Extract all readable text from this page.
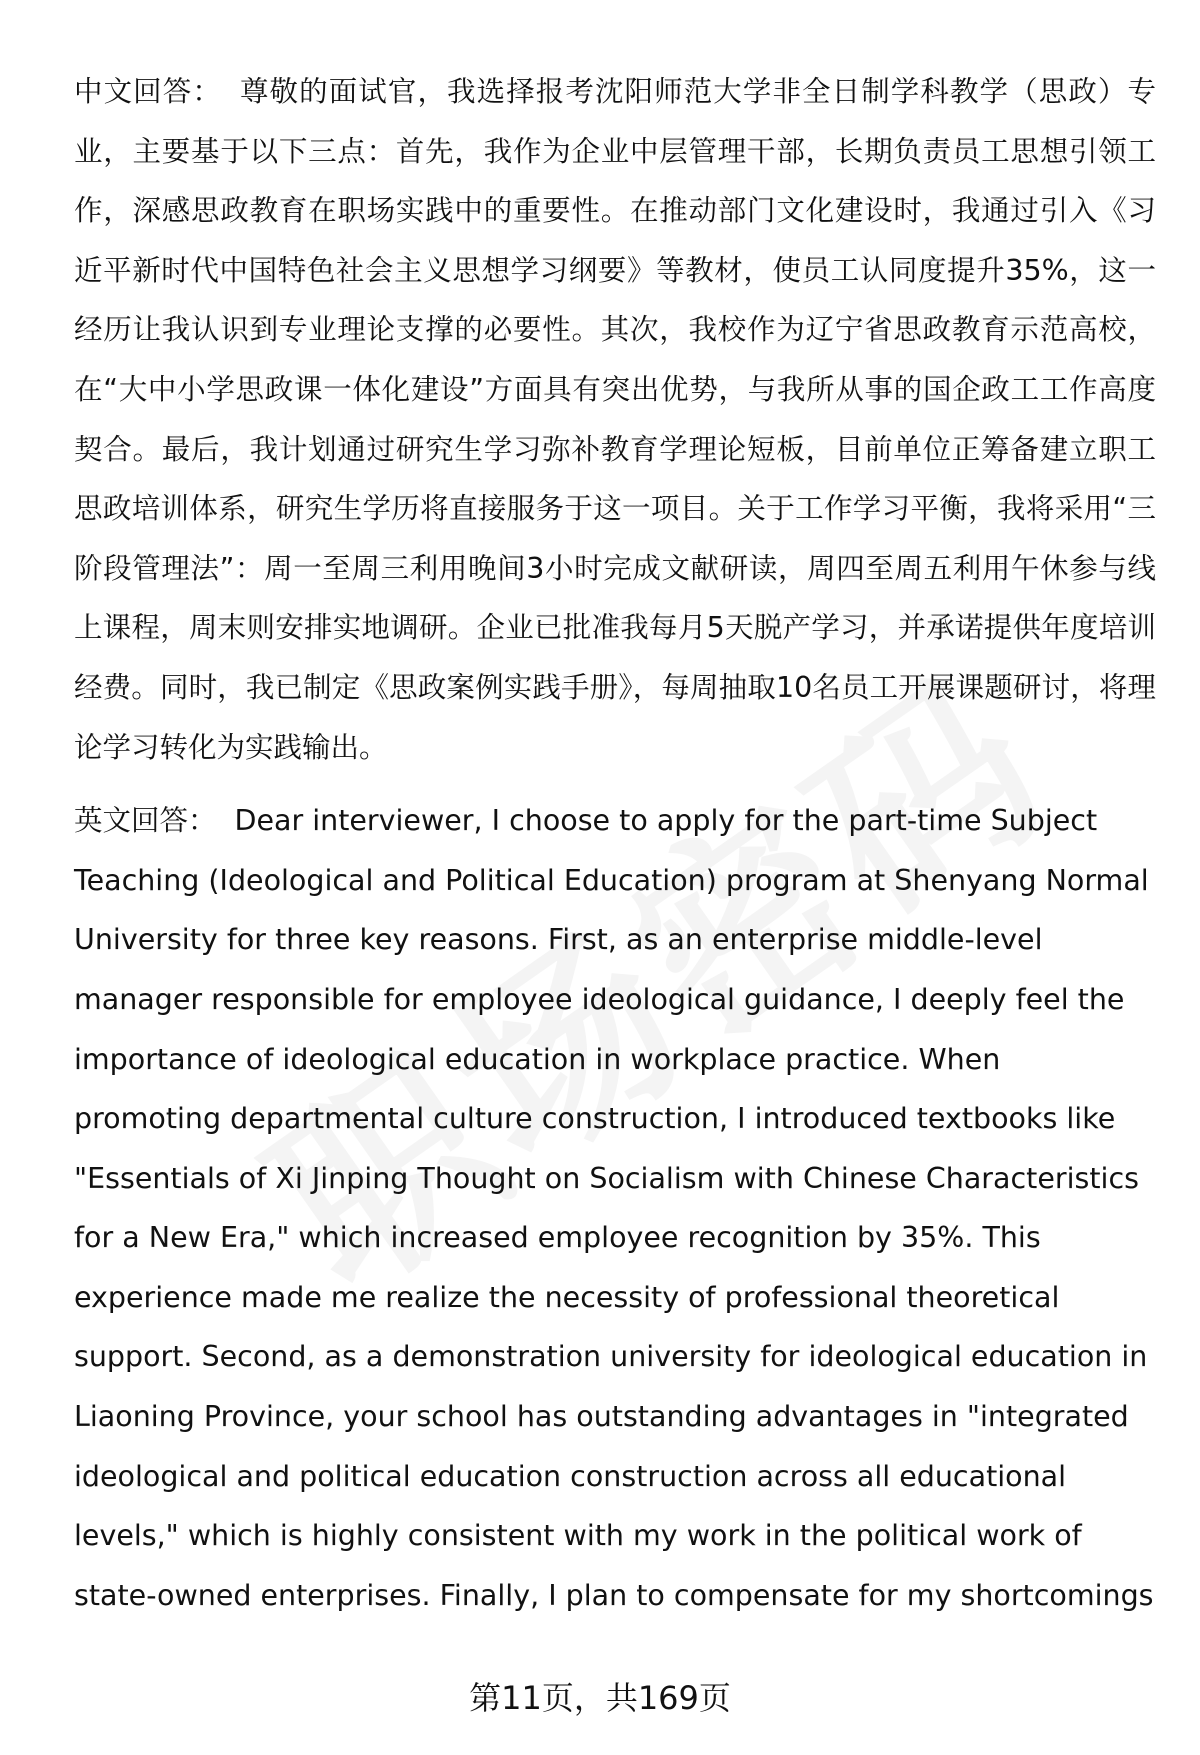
中文回答： 尊敬的面试官，我选择报考沈阳师范大学非全日制学科教学（思政）专业，主要基于以下三点：首先，我作为企业中层管理干部，长期负责员工思想引领工作，深感思政教育在职场实践中的重要性。在推动部门文化建设时，我通过引入《习近平新时代中国特色社会主义思想学习纲要》等教材，使员工认同度提升35%，这一经历让我认识到专业理论支撑的必要性。其次，我校作为辽宁省思政教育示范高校，在“大中小学思政课一体化建设”方面具有突出优势，与我所从事的国企政工工作高度契合。最后，我计划通过研究生学习弥补教育学理论短板，目前单位正筹备建立职工思政培训体系，研究生学历将直接服务于这一项目。关于工作学习平衡，我将采用“三阶段管理法”：周一至周三利用晚间3小时完成文献研读，周四至周五利用午休参与线上课程，周末则安排实地调研。企业已批准我每月5天脱产学习，并承诺提供年度培训经费。同时，我已制定《思政案例实践手册》，每周抽取10名员工开展课题研讨，将理论学习转化为实践输出。

英文回答： Dear interviewer, I choose to apply for the part-time Subject Teaching (Ideological and Political Education) program at Shenyang Normal University for three key reasons. First, as an enterprise middle-level manager responsible for employee ideological guidance, I deeply feel the importance of ideological education in workplace practice. When promoting departmental culture construction, I introduced textbooks like "Essentials of Xi Jinping Thought on Socialism with Chinese Characteristics for a New Era," which increased employee recognition by 35%. This experience made me realize the necessity of professional theoretical support. Second, as a demonstration university for ideological education in Liaoning Province, your school has outstanding advantages in "integrated ideological and political education construction across all educational levels," which is highly consistent with my work in the political work of state-owned enterprises. Finally, I plan to compensate for my shortcomings

第11页，共169页
